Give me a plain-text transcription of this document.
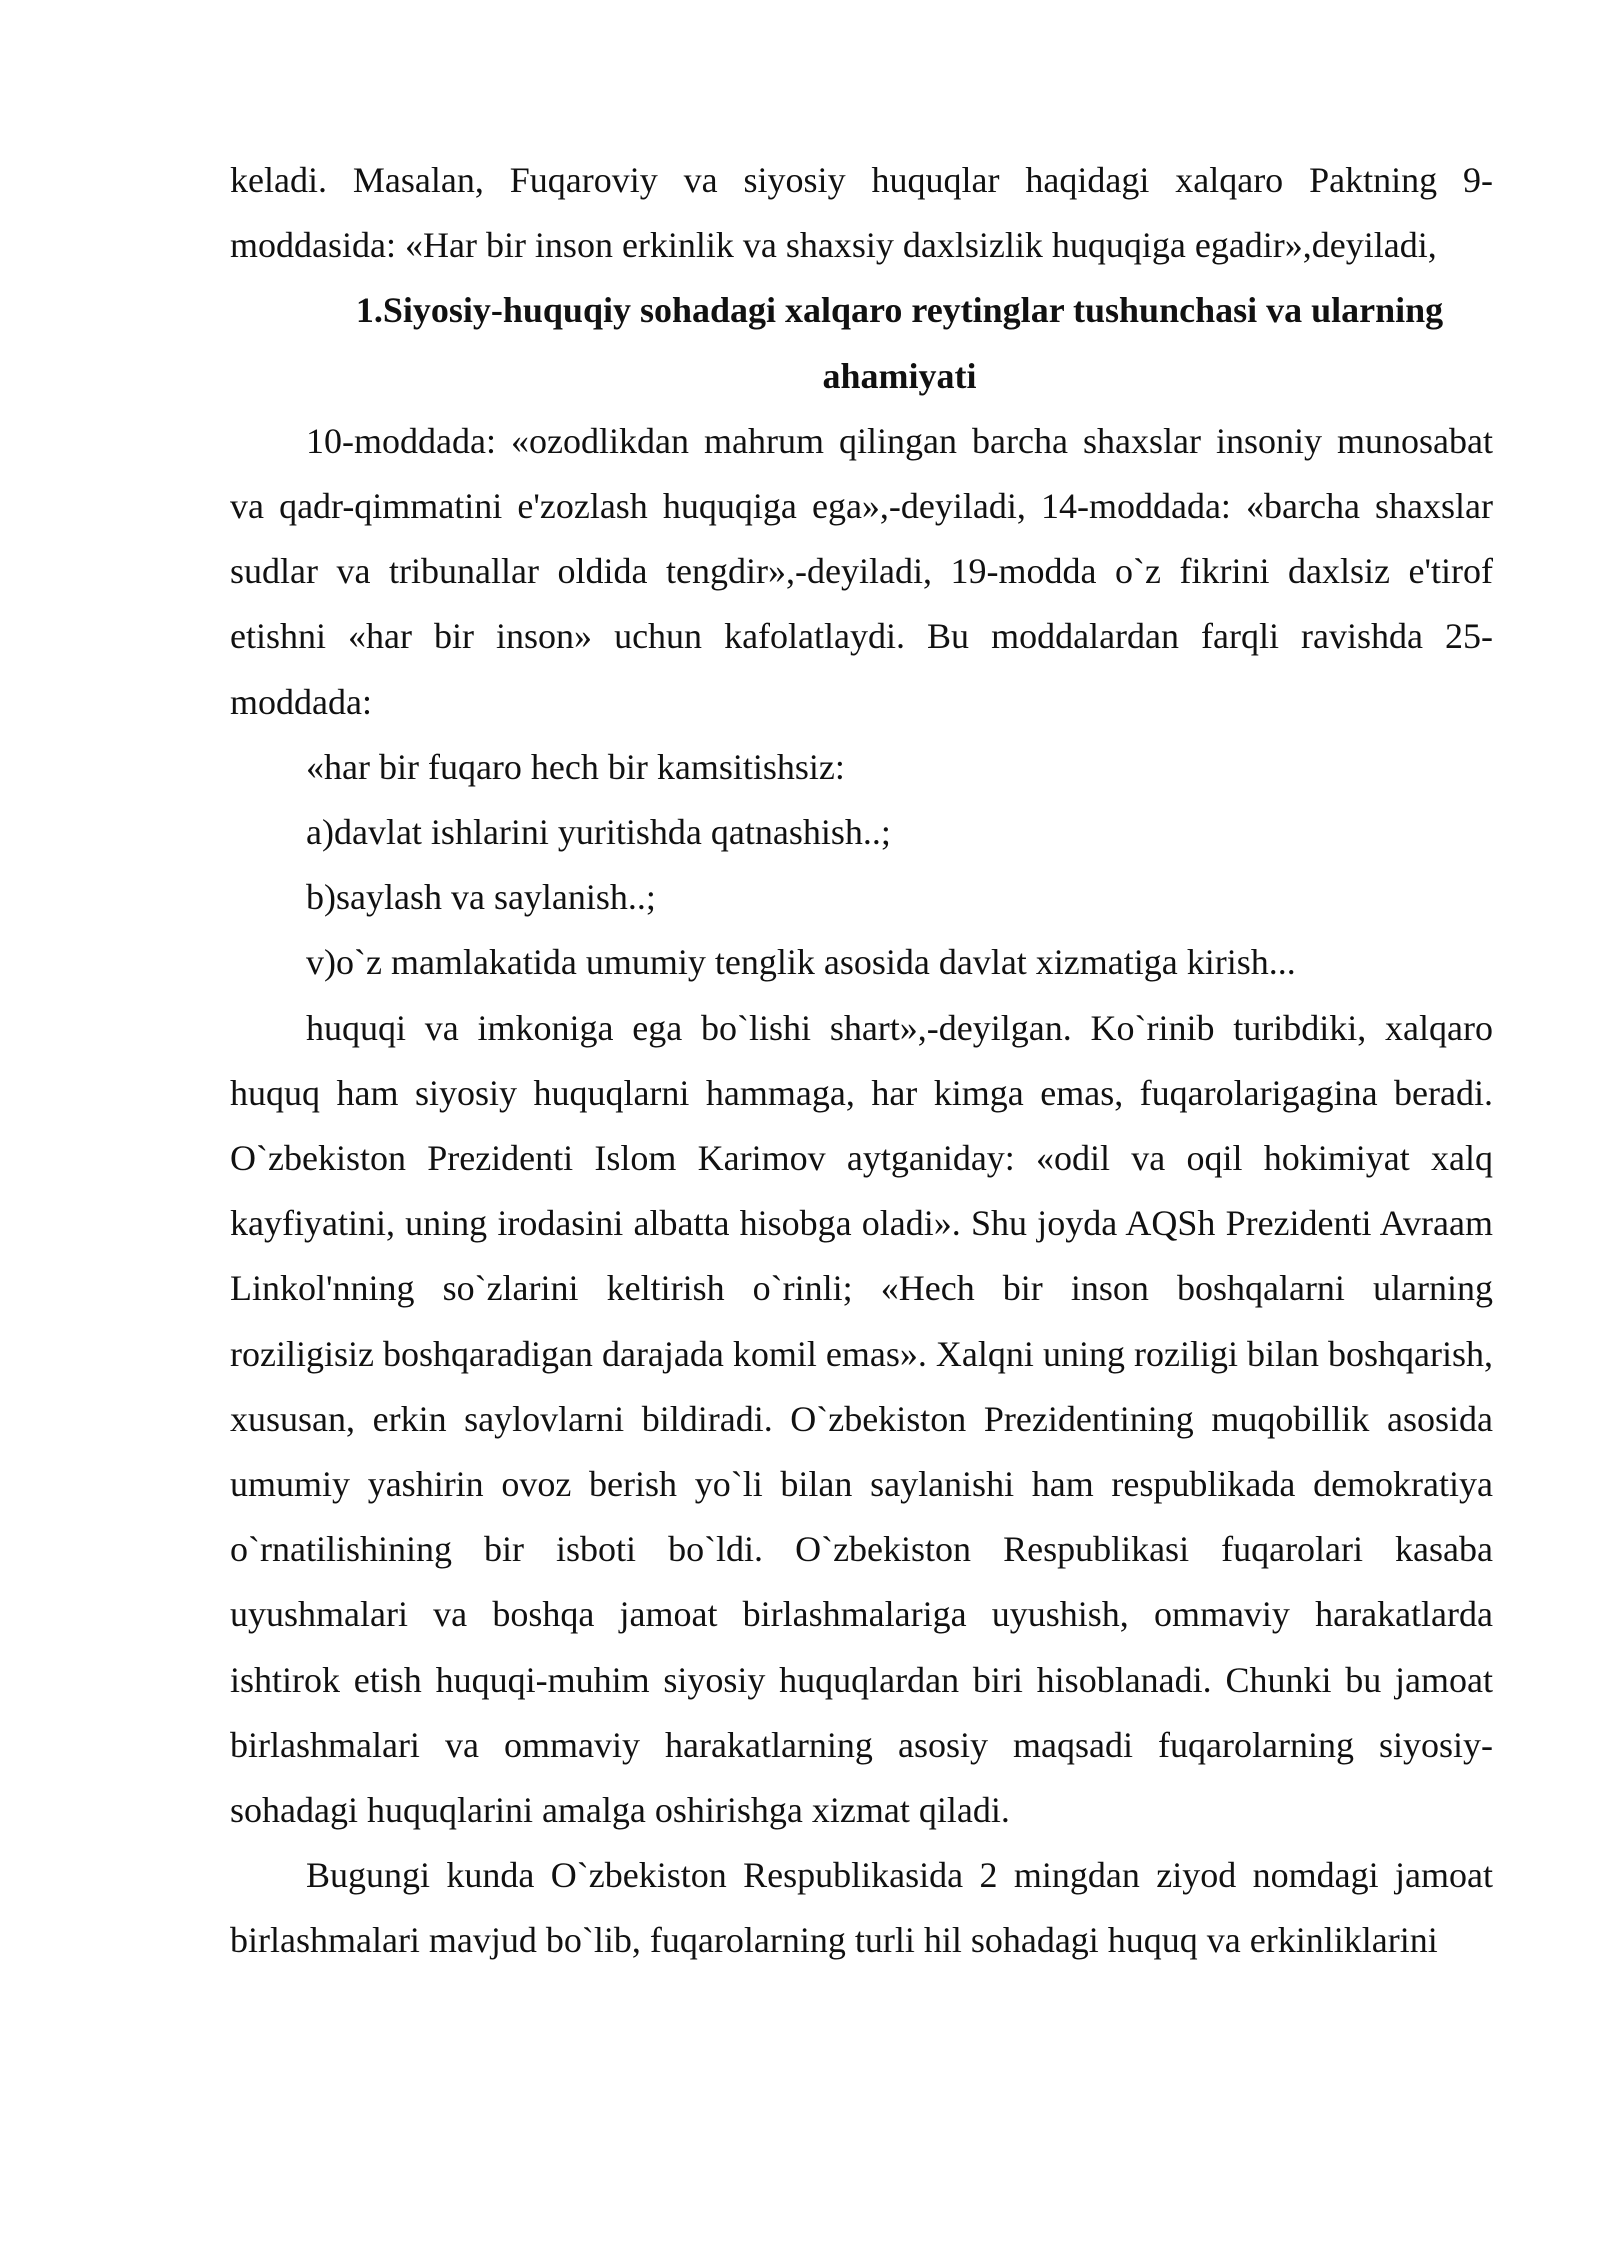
keladi. Masalan, Fuqaroviy va siyosiy huquqlar haqidagi xalqaro Paktning 9-moddasida: «Har bir inson erkinlik va shaxsiy daxlsizlik huquqiga egadir»,deyiladi,

1.Siyosiy-huquqiy sohadagi xalqaro reytinglar tushunchasi va ularning ahamiyati

10-moddada: «ozodlikdan mahrum qilingan barcha shaxslar insoniy munosabat va qadr-qimmatini e'zozlash huquqiga ega»,-deyiladi, 14-moddada: «barcha shaxslar sudlar va tribunallar oldida tengdir»,-deyiladi, 19-modda o`z fikrini daxlsiz e'tirof etishni «har bir inson» uchun kafolatlaydi. Bu moddalardan farqli ravishda 25-moddada:

«har bir fuqaro hech bir kamsitishsiz:

a)davlat ishlarini yuritishda qatnashish..;

b)saylash va saylanish..;

v)o`z mamlakatida umumiy tenglik asosida davlat xizmatiga kirish...

huquqi va imkoniga ega bo`lishi shart»,-deyilgan. Ko`rinib turibdiki, xalqaro huquq ham siyosiy huquqlarni hammaga, har kimga emas, fuqarolarigagina beradi. O`zbekiston Prezidenti Islom Karimov aytganiday: «odil va oqil hokimiyat xalq kayfiyatini, uning irodasini albatta hisobga oladi». Shu joyda AQSh Prezidenti Avraam Linkol'nning so`zlarini keltirish o`rinli; «Hech bir inson boshqalarni ularning roziligisiz boshqaradigan darajada komil emas». Xalqni uning roziligi bilan boshqarish, xususan, erkin saylovlarni bildiradi. O`zbekiston Prezidentining muqobillik asosida umumiy yashirin ovoz berish yo`li bilan saylanishi ham respublikada demokratiya o`rnatilishining bir isboti bo`ldi. O`zbekiston Respublikasi fuqarolari kasaba uyushmalari va boshqa jamoat birlashmalariga uyushish, ommaviy harakatlarda ishtirok etish huquqi-muhim siyosiy huquqlardan biri hisoblanadi. Chunki bu jamoat birlashmalari va ommaviy harakatlarning asosiy maqsadi fuqarolarning siyosiy-sohadagi huquqlarini amalga oshirishga xizmat qiladi.

Bugungi kunda O`zbekiston Respublikasida 2 mingdan ziyod nomdagi jamoat birlashmalari mavjud bo`lib, fuqarolarning turli hil sohadagi huquq va erkinliklarini
